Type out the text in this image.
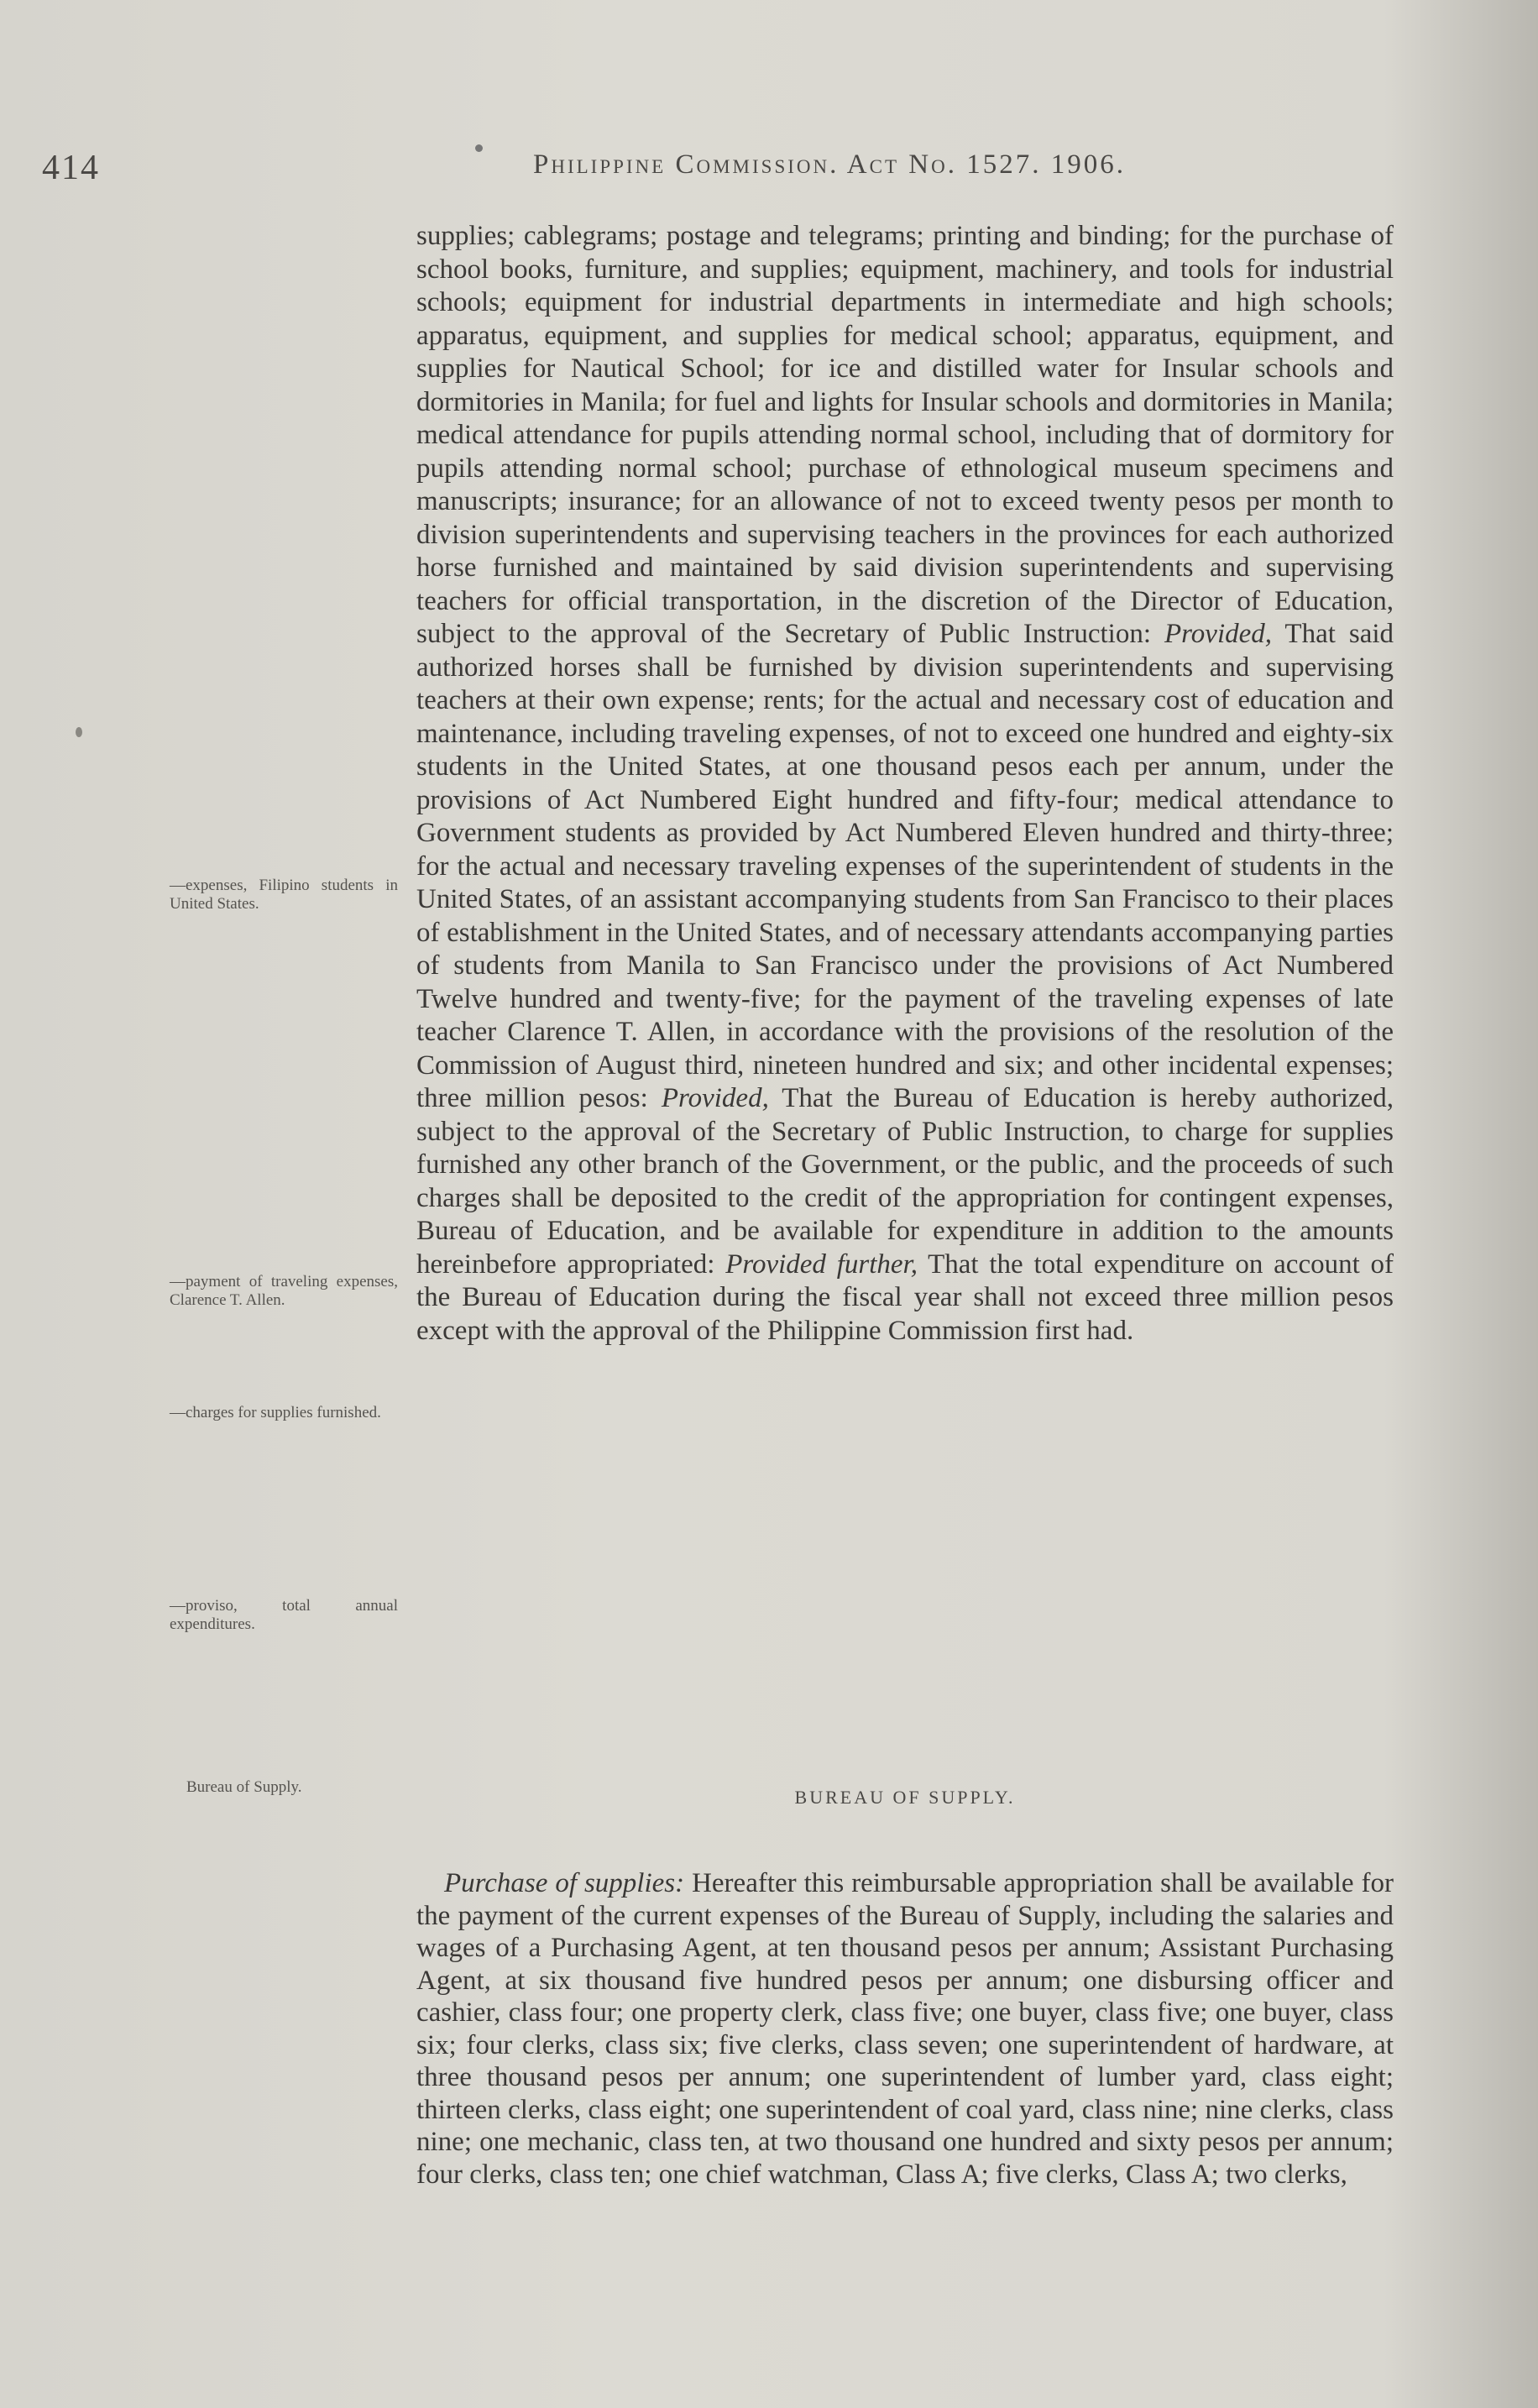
414	Philippine Commission. Act No. 1527. 1906.
—expenses, Filipino students in United States.
—payment of traveling expenses, Clarence T. Allen.
—charges for supplies furnished.
—proviso, total annual expenditures.
Bureau of Supply.

supplies; cablegrams; postage and telegrams; printing and binding; for the purchase of school books, furniture, and supplies; equipment, machinery, and tools for industrial schools; equipment for industrial departments in intermediate and high schools; apparatus, equipment, and supplies for medical school; apparatus, equipment, and supplies for Nautical School; for ice and distilled water for Insular schools and dormitories in Manila; for fuel and lights for Insular schools and dormitories in Manila; medical attendance for pupils attending normal school, including that of dormitory for pupils attending normal school; purchase of ethnological museum specimens and manuscripts; insurance; for an allowance of not to exceed twenty pesos per month to division superintendents and supervising teachers in the provinces for each authorized horse furnished and maintained by said division superintendents and supervising teachers for official transportation, in the discretion of the Director of Education, subject to the approval of the Secretary of Public Instruction: Provided, That said authorized horses shall be furnished by division superintendents and supervising teachers at their own expense; rents; for the actual and necessary cost of education and maintenance, including traveling expenses, of not to exceed one hundred and eighty-six students in the United States, at one thousand pesos each per annum, under the provisions of Act Numbered Eight hundred and fifty-four; medical attendance to Government students as provided by Act Numbered Eleven hundred and thirty-three; for the actual and necessary traveling expenses of the superintendent of students in the United States, of an assistant accompanying students from San Francisco to their places of establishment in the United States, and of necessary attendants accompanying parties of students from Manila to San Francisco under the provisions of Act Numbered Twelve hundred and twenty-five; for the payment of the traveling expenses of late teacher Clarence T. Allen, in accordance with the provisions of the resolution of the Commission of August third, nineteen hundred and six; and other incidental expenses; three million pesos: Provided, That the Bureau of Education is hereby authorized, subject to the approval of the Secretary of Public Instruction, to charge for supplies furnished any other branch of the Government, or the public, and the proceeds of such charges shall be deposited to the credit of the appropriation for contingent expenses, Bureau of Education, and be available for expenditure in addition to the amounts hereinbefore appropriated: Provided further, That the total expenditure on account of the Bureau of Education during the fiscal year shall not exceed three million pesos except with the approval of the Philippine Commission first had.

BUREAU OF SUPPLY.

 Purchase of supplies: Hereafter this reimbursable appropriation shall be available for the payment of the current expenses of the Bureau of Supply, including the salaries and wages of a Purchasing Agent, at ten thousand pesos per annum; Assistant Purchasing Agent, at six thousand five hundred pesos per annum; one disbursing officer and cashier, class four; one property clerk, class five; one buyer, class five; one buyer, class six; four clerks, class six; five clerks, class seven; one superintendent of hardware, at three thousand pesos per annum; one superintendent of lumber yard, class eight; thirteen clerks, class eight; one superintendent of coal yard, class nine; nine clerks, class nine; one mechanic, class ten, at two thousand one hundred and sixty pesos per annum; four clerks, class ten; one chief watchman, Class A; five clerks, Class A; two clerks,
